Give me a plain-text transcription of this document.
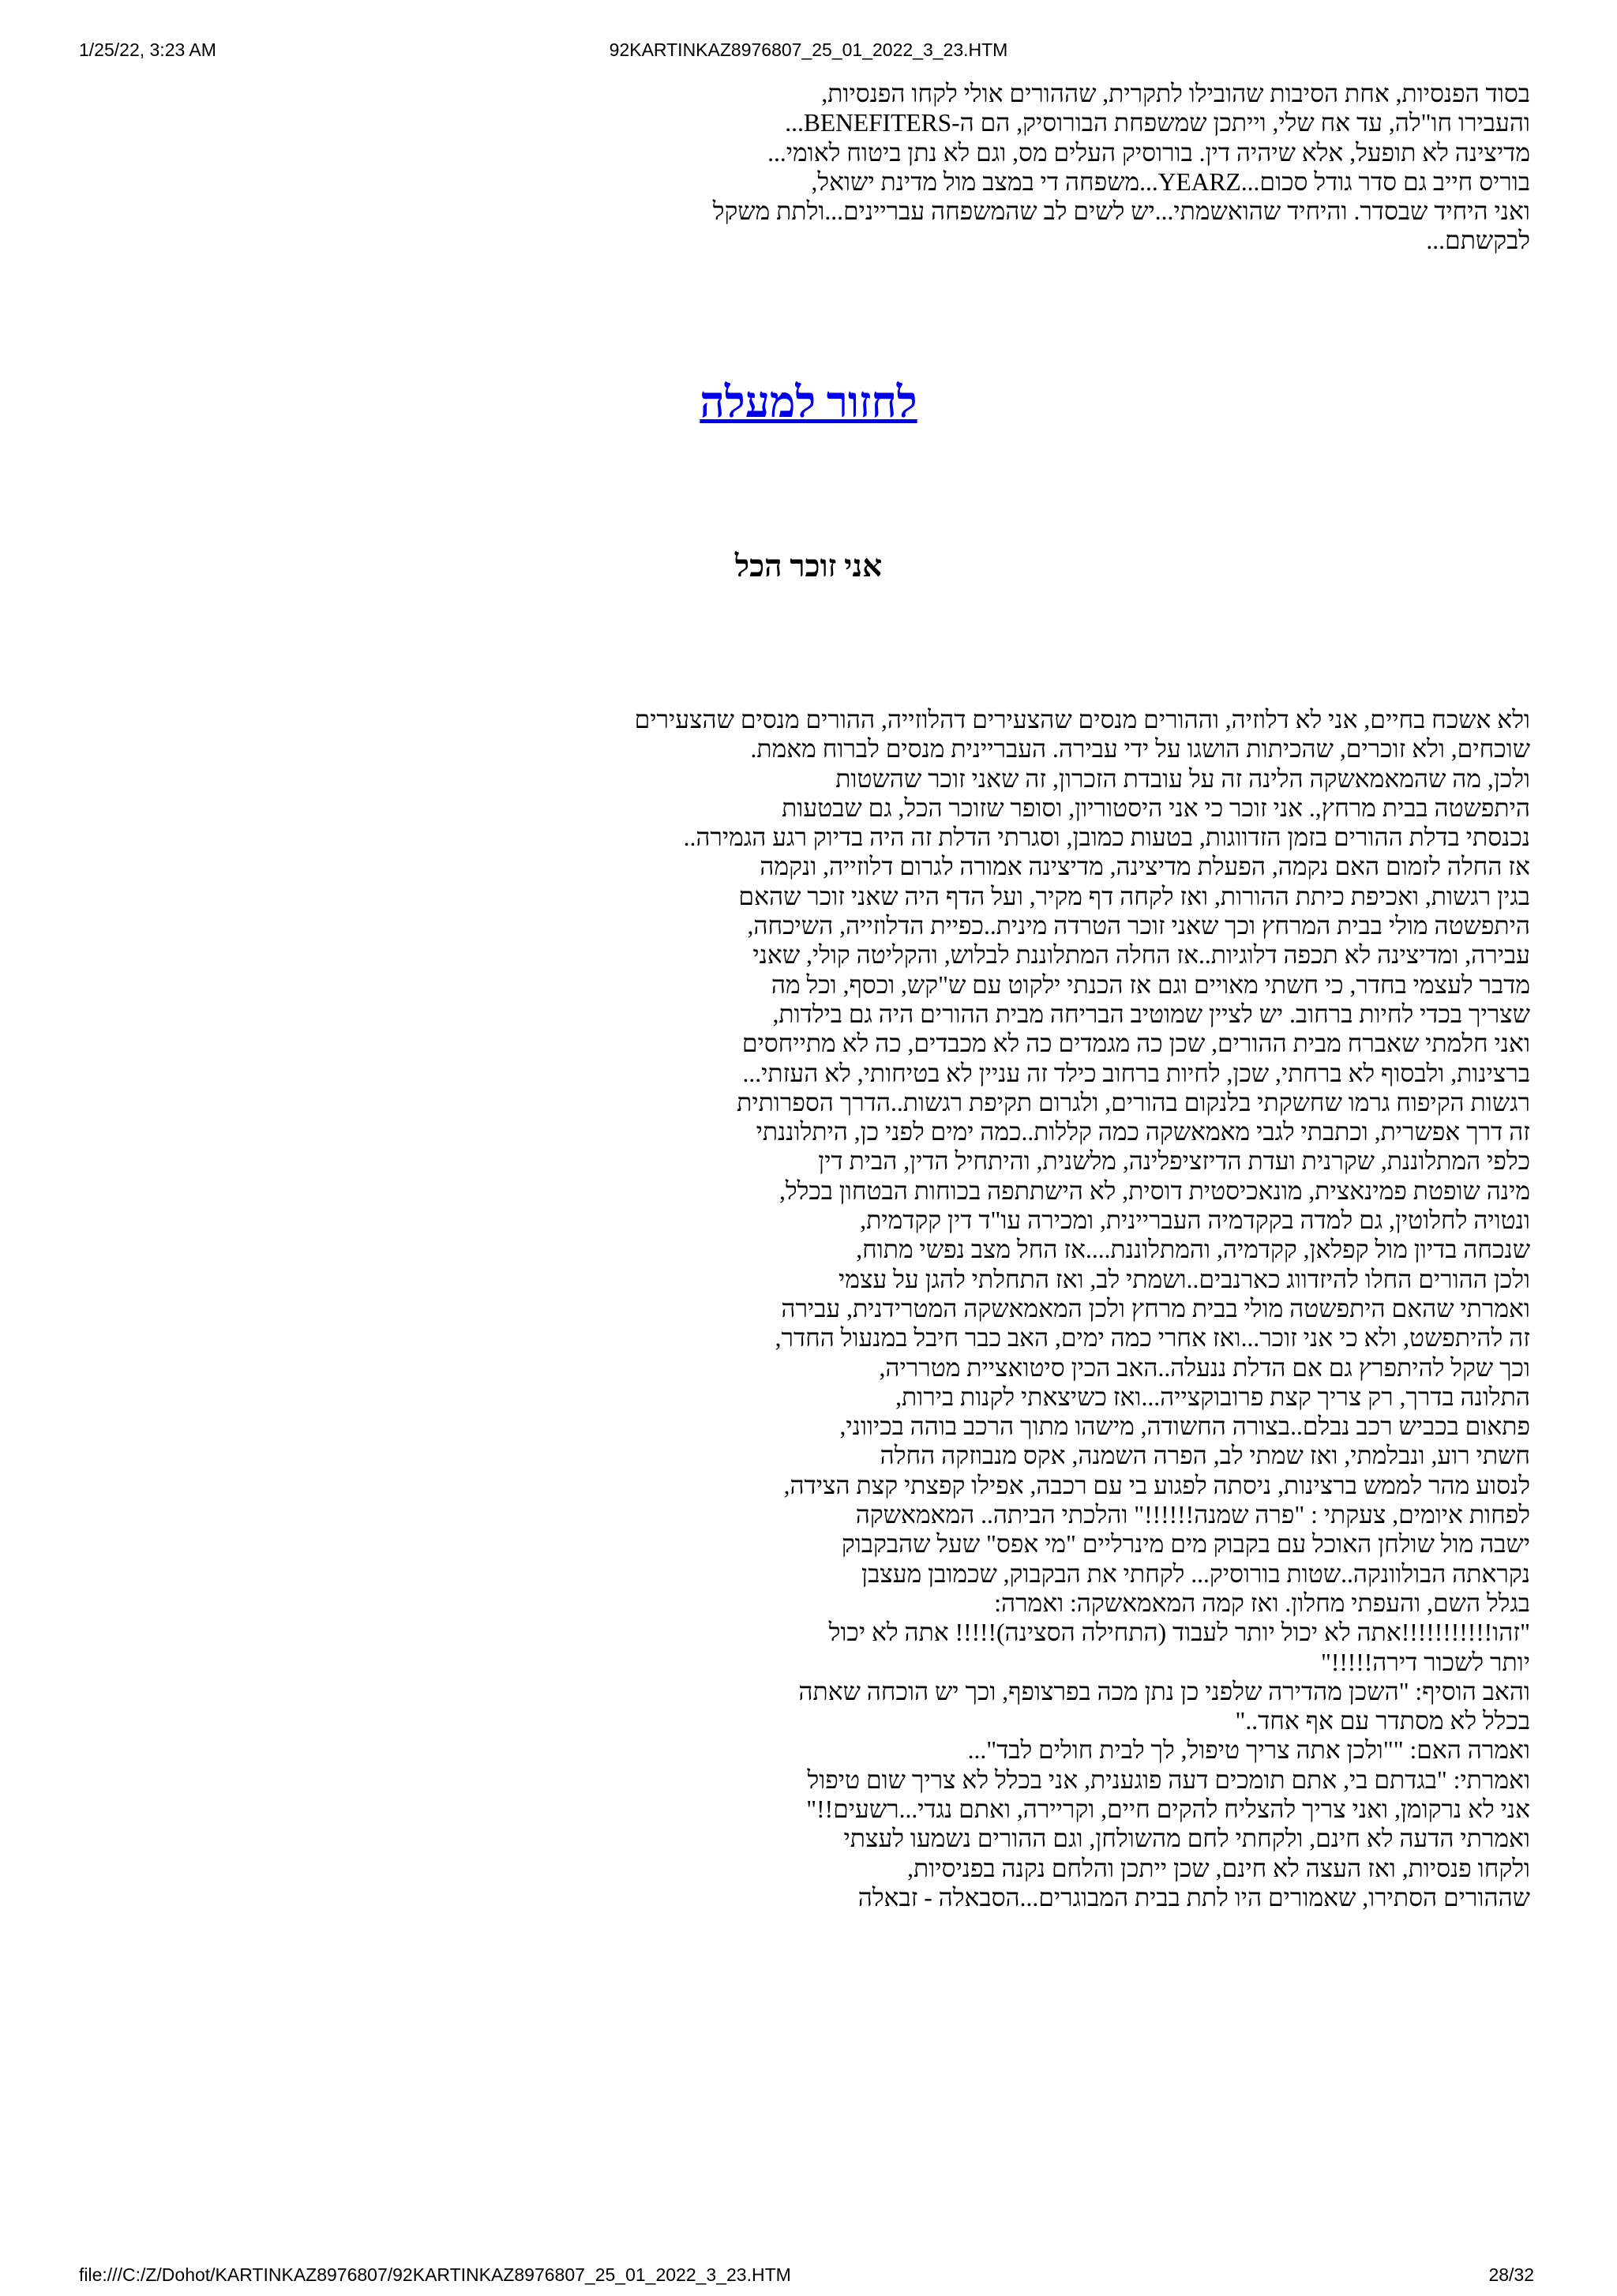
1/25/22, 3:23 AM	92KARTINKAZ8976807_25_01_2022_3_23.HTM
בסוד הפנסיות, אחת הסיבות שהובילו לתקרית, שההורים אולי לקחו הפנסיות,
והעבירו חו"לה, עד אח שלי, וייתכן שמשפחת הבורוסיק, הם ה-BENEFITERS...
מדיצינה לא תופעל, אלא שיהיה דין. בורוסיק העלים מס, וגם לא נתן ביטוח לאומי...
בוריס חייב גם סדר גודל סכום...YEARZ...משפחה די במצב מול מדינת ישואל,
ואני היחיד שבסדר. והיחיד שהואשמתי...יש לשים לב שהמשפחה עבריינים...ולתת משקל
לבקשתם...
לחזור למעלה
אני זוכר הכל
ולא אשכח בחיים, אני לא דלוזיה, וההורים מנסים שהצעירים דהלוזייה, ההורים מנסים שהצעירים
שוכחים, ולא זוכרים, שהכיתות הושגו על ידי עבירה. העבריינית מנסים לברוח מאמת.
ולכן, מה שהמאמאשקה הלינה זה על עובדת הזכרון, זה שאני זוכר שהשטות
היתפשטה בבית מרחץ,. אני זוכר כי אני היסטוריון, וסופר שזוכר הכל, גם שבטעות
נכנסתי בדלת ההורים בזמן הזדווגות, בטעות כמובן, וסגרתי הדלת זה היה בדיוק רגע הגמירה..
אז החלה לזמום האם נקמה, הפעלת מדיצינה, מדיצינה אמורה לגרום דלוזייה, ונקמה
בגין רגשות, ואכיפת כיתת ההורות, ואז לקחה דף מקיר, ועל הדף היה שאני זוכר שהאם
היתפשטה מולי בבית המרחץ וכך שאני זוכר הטרדה מינית..כפיית הדלוזייה, השיכחה,
עבירה, ומדיצינה לא תכפה דלוגיות..אז החלה המתלוננת לבלוש, והקליטה קולי, שאני
מדבר לעצמי בחדר, כי חשתי מאויים וגם אז הכנתי ילקוט עם ש"קש, וכסף, וכל מה
שצריך בכדי לחיות ברחוב. יש לציין שמוטיב הבריחה מבית ההורים היה גם בילדות,
ואני חלמתי שאברח מבית ההורים, שכן כה מגמדים כה לא מכבדים, כה לא מתייחסים
ברצינות, ולבסוף לא ברחתי, שכן, לחיות ברחוב כילד זה עניין לא בטיחותי, לא העזתי...
רגשות הקיפוח גרמו שחשקתי בלנקום בהורים, ולגרום תקיפת רגשות..הדרך הספרותית
זה דרך אפשרית, וכתבתי לגבי מאמאשקה כמה קללות..כמה ימים לפני כן, היתלוננתי
כלפי המתלוננת, שקרנית ועדת הדיזציפלינה, מלשנית, והיתחיל הדין, הבית דין
מינה שופטת פמינאצית, מונאכיסטית דוסית, לא הישתתפה בכוחות הבטחון בכלל,
ונטויה לחלוטין, גם למדה בקקדמיה העבריינית, ומכירה עו"ד דין קקדמית,
שנכחה בדיון מול קפלאן, קקדמיה, והמתלוננת....אז החל מצב נפשי מתוח,
ולכן ההורים החלו להיזדווג כארנבים..ושמתי לב, ואז התחלתי להגן על עצמי
ואמרתי שהאם היתפשטה מולי בבית מרחץ ולכן המאמאשקה המטרידנית, עבירה
זה להיתפשט, ולא כי אני זוכר...ואז אחרי כמה ימים, האב כבר חיבל במנעול החדר,
וכך שקל להיתפרץ גם אם הדלת ננעלה..האב הכין סיטואציית מטרריה,
התלונה בדרך, רק צריך קצת פרובוקצייה...ואז כשיצאתי לקנות בירות,
פתאום בכביש רכב נבלם..בצורה החשודה, מישהו מתוך הרכב בוהה בכיווני,
חשתי רוע, ונבלמתי, ואז שמתי לב, הפרה השמנה, אקס מנבוזקה החלה
לנסוע מהר לממש ברצינות, ניסתה לפגוע בי עם רכבה, אפילו קפצתי קצת הצידה,
לפחות איומים, צעקתי : "פרה שמנה!!!!!!" והלכתי הביתה.. המאמאשקה
ישבה מול שולחן האוכל עם בקבוק מים מינרליים "מי אפס" שעל שהבקבוק
נקראתה הבולוונקה..שטות בורוסיק... לקחתי את הבקבוק, שכמובן מעצבן
בגלל השם, והעפתי מחלון. ואז קמה המאמאשקה: ואמרה:
"זהו!!!!!!!!!!!אתה לא יכול יותר לעבוד (התחילה הסצינה)!!!!! אתה לא יכול
יותר לשכור דירה!!!!!"
והאב הוסיף: "השכן מהדירה שלפני כן נתן מכה בפרצופף, וכך יש הוכחה שאתה
בכלל לא מסתדר עם אף אחד.."
ואמרה האם: ""ולכן אתה צריך טיפול, לך לבית חולים לבד"...
ואמרתי: "בגדתם בי, אתם תומכים דעה פוגענית, אני בכלל לא צריך שום טיפול
אני לא נרקומן, ואני צריך להצליח להקים חיים, וקריירה, ואתם נגדי...רשעים!!"
ואמרתי הדעה לא חינם, ולקחתי לחם מהשולחן, וגם ההורים נשמעו לעצתי
ולקחו פנסיות, ואז העצה לא חינם, שכן ייתכן והלחם נקנה בפניסיות,
שההורים הסתירו, שאמורים היו לתת בבית המבוגרים...הסבאלה - זבאלה
file:///C:/Z/Dohot/KARTINKAZ8976807/92KARTINKAZ8976807_25_01_2022_3_23.HTM	28/32
